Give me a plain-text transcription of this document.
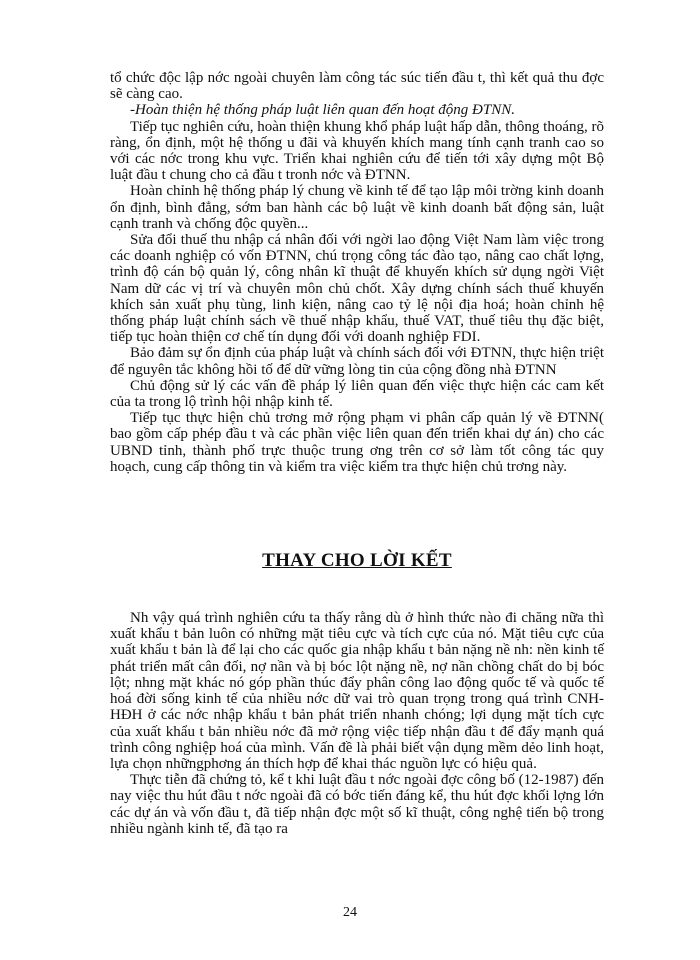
tổ chức độc lập nớc ngoài chuyên làm công tác súc tiến đầu t, thì kết quả thu đợc sẽ càng cao.

-Hoàn thiện hệ thống pháp luật liên quan đến hoạt động ĐTNN.

Tiếp tục nghiên cứu, hoàn thiện khung khổ pháp luật hấp dẫn, thông thoáng, rõ ràng, ổn định, một hệ thống u đãi và khuyến khích mang tính cạnh tranh cao so với các nớc trong khu vực. Triển khai nghiên cứu để tiến tới xây dựng một Bộ luật đầu t chung cho cả đầu t tronh nớc và ĐTNN.

Hoàn chỉnh hệ thống pháp lý chung về kinh tế để tạo lập môi trờng kinh doanh ổn định, bình đẳng, sớm ban hành các bộ luật về kinh doanh bất động sản, luật cạnh tranh và chống độc quyền...

Sửa đổi thuế thu nhập cá nhân đối với ngời lao động Việt Nam làm việc trong các doanh nghiệp có vốn ĐTNN, chú trọng công tác đào tạo, nâng cao chất lợng, trình độ cán bộ quản lý, công nhân kĩ thuật để khuyến khích sử dụng ngời Việt Nam dữ các vị trí và chuyên môn chủ chốt. Xây dựng chính sách thuế khuyến khích sản xuất phụ tùng, linh kiện, nâng cao tỷ lệ nội địa hoá; hoàn chỉnh hệ thống pháp luật chính sách về thuế nhập khẩu, thuế VAT, thuế tiêu thụ đặc biệt, tiếp tục hoàn thiện cơ chế tín dụng đối với doanh nghiệp FDI.

Bảo đảm sự ổn định của pháp luật và chính sách đối với ĐTNN, thực hiện triệt để nguyên tắc không hồi tố để dữ vững lòng tin của cộng đồng nhà ĐTNN

Chủ động sử lý các vấn đề pháp lý liên quan đến việc thực hiện các cam kết của ta trong lộ trình hội nhập kinh tế.

Tiếp tục thực hiện chủ trơng mở rộng phạm vi phân cấp quản lý về ĐTNN( bao gồm cấp phép đầu t và các phần việc liên quan đến triển khai dự án) cho các UBND tỉnh, thành phố trực thuộc trung ơng trên cơ sở làm tốt công tác quy hoạch, cung cấp thông tin và kiểm tra việc kiểm tra thực hiện chủ trơng này.

THAY CHO LỜI KẾT

Nh vậy quá trình nghiên cứu ta thấy rằng dù ở hình thức nào đi chăng nữa thì xuất khẩu t bản luôn có những mặt tiêu cực và tích cực của nó. Mặt tiêu cực của xuất khẩu t bản là để lại cho các quốc gia nhập khẩu t bản nặng nề nh: nền kinh tế phát triển mất cân đối, nợ nần và bị bóc lột nặng nề, nợ nần chồng chất do bị bóc lột; nhng mặt khác nó góp phần thúc đẩy phân công lao động quốc tế và quốc tế hoá đời sống kinh tế của nhiều nớc dữ vai trò quan trọng trong quá trình CNH-HĐH ở các nớc nhập khẩu t bản phát triển nhanh chóng; lợi dụng mặt tích cực của xuất khẩu t bản nhiều nớc đã mở rộng việc tiếp nhận đầu t để đẩy mạnh quá trình công nghiệp hoá của mình. Vấn đề là phải biết vận dụng mềm dẻo linh hoạt, lựa chọn nhữngphơng án thích hợp để khai thác nguồn lực có hiệu quả.

Thực tiễn đã chứng tỏ, kể t khi luật đầu t nớc ngoài đợc công bố (12-1987) đến nay việc thu hút đầu t nớc ngoài đã có bớc tiến đáng kể, thu hút đợc khối lợng lớn các dự án và vốn đầu t, đã tiếp nhận đợc một số kĩ thuật, công nghệ tiến bộ trong nhiều ngành kinh tế, đã tạo ra

24
